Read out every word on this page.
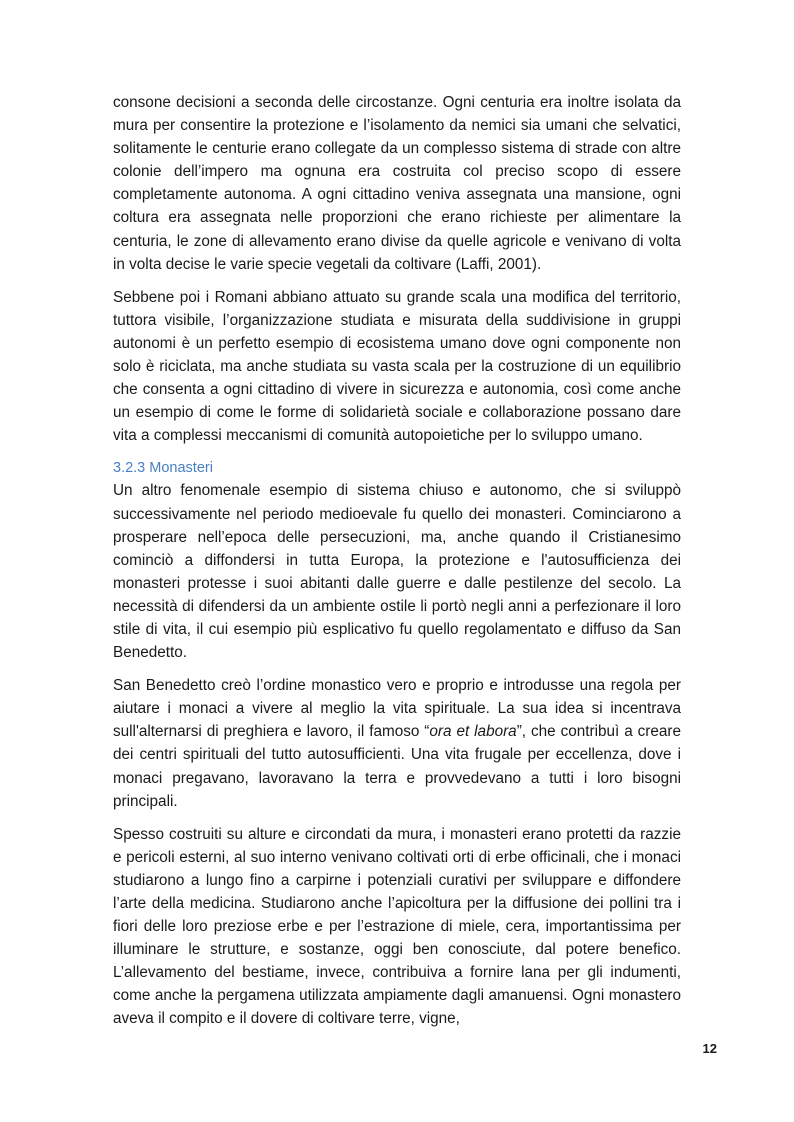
consone decisioni a seconda delle circostanze. Ogni centuria era inoltre isolata da mura per consentire la protezione e l’isolamento da nemici sia umani che selvatici, solitamente le centurie erano collegate da un complesso sistema di strade con altre colonie dell’impero ma ognuna era costruita col preciso scopo di essere completamente autonoma. A ogni cittadino veniva assegnata una mansione, ogni coltura era assegnata nelle proporzioni che erano richieste per alimentare la centuria, le zone di allevamento erano divise da quelle agricole e venivano di volta in volta decise le varie specie vegetali da coltivare (Laffi, 2001).

Sebbene poi i Romani abbiano attuato su grande scala una modifica del territorio, tuttora visibile, l’organizzazione studiata e misurata della suddivisione in gruppi autonomi è un perfetto esempio di ecosistema umano dove ogni componente non solo è riciclata, ma anche studiata su vasta scala per la costruzione di un equilibrio che consenta a ogni cittadino di vivere in sicurezza e autonomia, così come anche un esempio di come le forme di solidarietà sociale e collaborazione possano dare vita a complessi meccanismi di comunità autopoietiche per lo sviluppo umano.

3.2.3 Monasteri

Un altro fenomenale esempio di sistema chiuso e autonomo, che si sviluppò successivamente nel periodo medioevale fu quello dei monasteri. Cominciarono a prosperare nell’epoca delle persecuzioni, ma, anche quando il Cristianesimo cominciò a diffondersi in tutta Europa, la protezione e l'autosufficienza dei monasteri protesse i suoi abitanti dalle guerre e dalle pestilenze del secolo. La necessità di difendersi da un ambiente ostile li portò negli anni a perfezionare il loro stile di vita, il cui esempio più esplicativo fu quello regolamentato e diffuso da San Benedetto.

San Benedetto creò l’ordine monastico vero e proprio e introdusse una regola per aiutare i monaci a vivere al meglio la vita spirituale. La sua idea si incentrava sull'alternarsi di preghiera e lavoro, il famoso “ora et labora”, che contribuì a creare dei centri spirituali del tutto autosufficienti. Una vita frugale per eccellenza, dove i monaci pregavano, lavoravano la terra e provvedevano a tutti i loro bisogni principali.

Spesso costruiti su alture e circondati da mura, i monasteri erano protetti da razzie e pericoli esterni, al suo interno venivano coltivati orti di erbe officinali, che i monaci studiarono a lungo fino a carpirne i potenziali curativi per sviluppare e diffondere l’arte della medicina. Studiarono anche l’apicoltura per la diffusione dei pollini tra i fiori delle loro preziose erbe e per l’estrazione di miele, cera, importantissima per illuminare le strutture, e sostanze, oggi ben conosciute, dal potere benefico. L’allevamento del bestiame, invece, contribuiva a fornire lana per gli indumenti, come anche la pergamena utilizzata ampiamente dagli amanuensi. Ogni monastero aveva il compito e il dovere di coltivare terre, vigne,

12
